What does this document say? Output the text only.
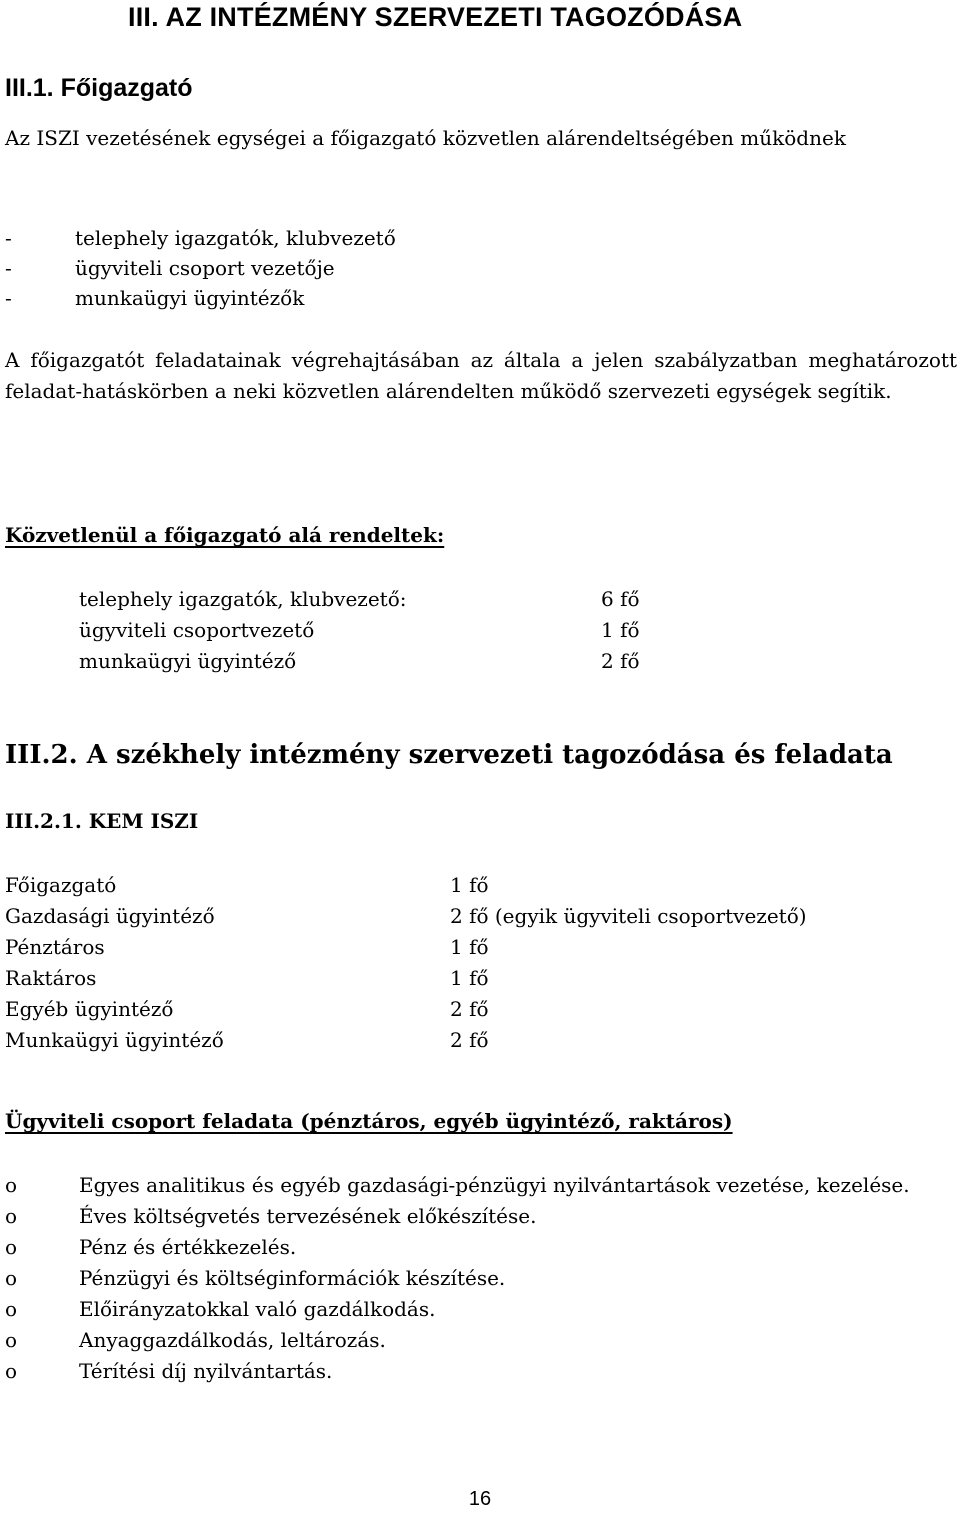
III. AZ INTÉZMÉNY SZERVEZETI TAGOZÓDÁSA
III.1. Főigazgató
Az ISZI vezetésének egységei a főigazgató közvetlen alárendeltségében működnek
-	telephely igazgatók, klubvezető
-	ügyviteli csoport vezetője
-	munkaügyi ügyintézők
A főigazgatót feladatainak végrehajtásában az általa a jelen szabályzatban meghatározott feladat-hatáskörben a neki közvetlen alárendelten működő szervezeti egységek segítik.
Közvetlenül a főigazgató alá rendeltek:
telephely igazgatók, klubvezető:	6 fő
ügyviteli csoportvezető	1 fő
munkaügyi ügyintéző	2 fő
III.2. A székhely intézmény szervezeti tagozódása és feladata
III.2.1. KEM ISZI
Főigazgató	1 fő
Gazdasági ügyintéző	2 fő (egyik ügyviteli csoportvezető)
Pénztáros	1 fő
Raktáros	1 fő
Egyéb ügyintéző	2 fő
Munkaügyi ügyintéző	2 fő
Ügyviteli csoport feladata (pénztáros, egyéb ügyintéző, raktáros)
o	Egyes analitikus és egyéb gazdasági-pénzügyi nyilvántartások vezetése, kezelése.
o	Éves költségvetés tervezésének előkészítése.
o	Pénz és értékkezelés.
o	Pénzügyi és költséginformációk készítése.
o	Előirányzatokkal való gazdálkodás.
o	Anyaggazdálkodás, leltározás.
o	Térítési díj nyilvántartás.
16
